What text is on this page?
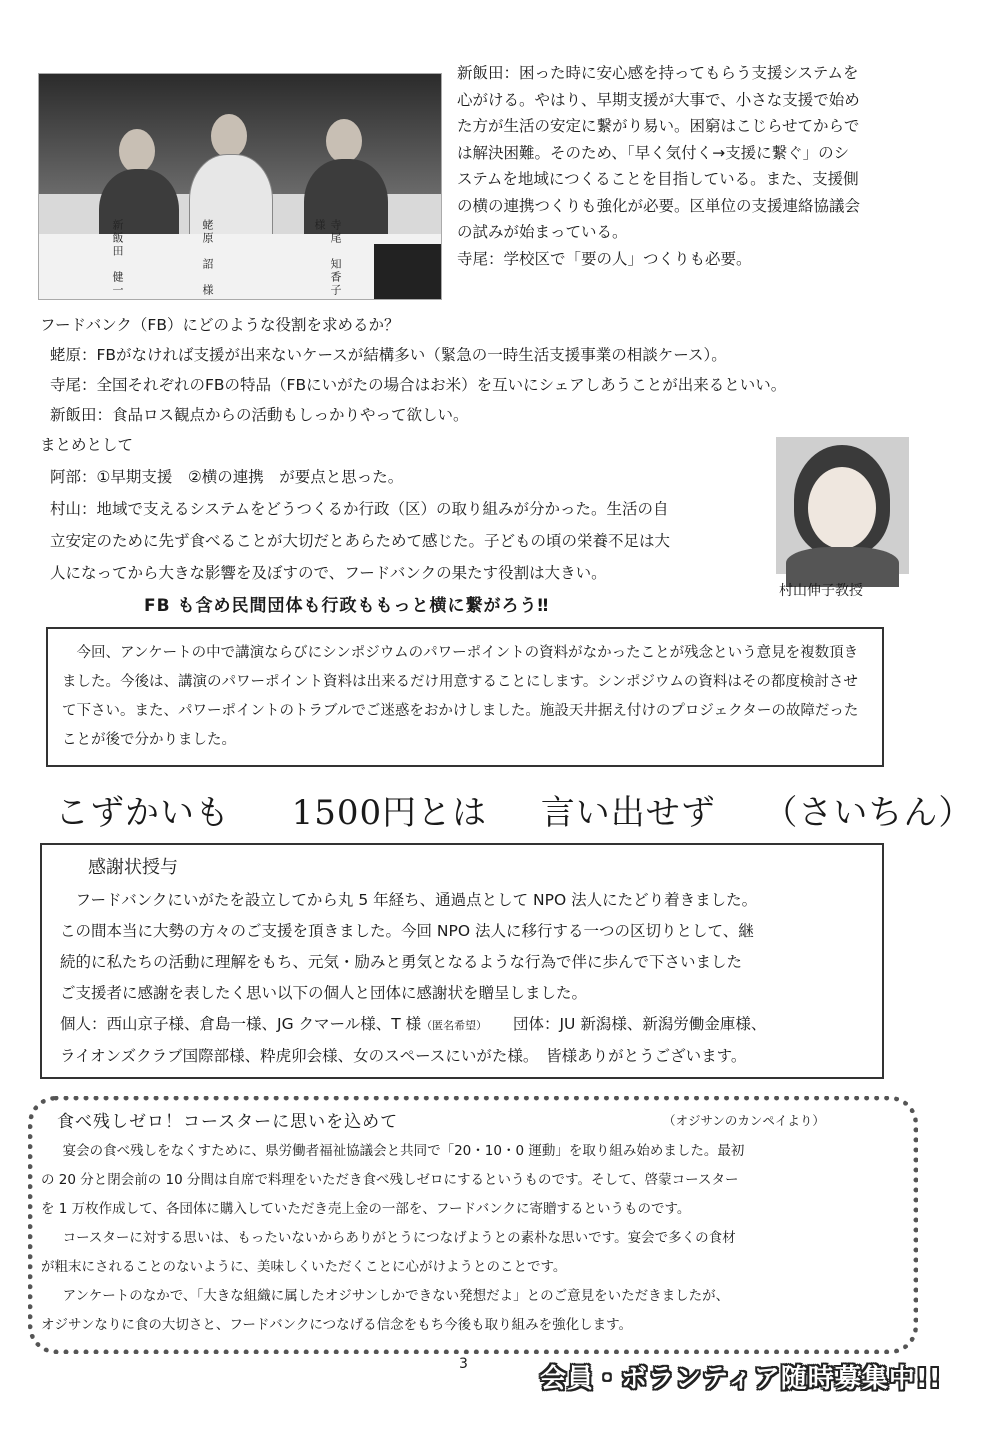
新飯田　健一	蛯原　詔　様	寺尾　知香子　様

新飯田：困った時に安心感を持ってもらう支援システムを

心がける。やはり、早期支援が大事で、小さな支援で始め

た方が生活の安定に繋がり易い。困窮はこじらせてからで

は解決困難。そのため、「早く気付く→支援に繋ぐ」のシ

ステムを地域につくることを目指している。また、支援側

の横の連携つくりも強化が必要。区単位の支援連絡協議会

の試みが始まっている。

寺尾：学校区で「要の人」つくりも必要。

フードバンク（FB）にどのような役割を求めるか？
蛯原：FBがなければ支援が出来ないケースが結構多い（緊急の一時生活支援事業の相談ケース）。
寺尾：全国それぞれのFBの特品（FBにいがたの場合はお米）を互いにシェアしあうことが出来るといい。
新飯田：食品ロス観点からの活動もしっかりやって欲しい。
まとめとして
阿部：①早期支援　②横の連携　が要点と思った。
村山：地域で支えるシステムをどうつくるか行政（区）の取り組みが分かった。生活の自
立安定のために先ず食べることが大切だとあらためて感じた。子どもの頃の栄養不足は大
人になってから大きな影響を及ぼすので、フードバンクの果たす役割は大きい。
村山伸子教授
FB も含め民間団体も行政ももっと横に繋がろう‼

今回、アンケートの中で講演ならびにシンポジウムのパワーポイントの資料がなかったことが残念という意見を複数頂きました。今後は、講演のパワーポイント資料は出来るだけ用意することにします。シンポジウムの資料はその都度検討させて下さい。また、パワーポイントのトラブルでご迷惑をおかけしました。施設天井据え付けのプロジェクターの故障だったことが後で分かりました。

こずかいも 1500円とは 言い出せず （さいちん）
感謝状授与
フードバンクにいがたを設立してから丸 5 年経ち、通過点として NPO 法人にたどり着きました。
この間本当に大勢の方々のご支援を頂きました。今回 NPO 法人に移行する一つの区切りとして、継
続的に私たちの活動に理解をもち、元気・励みと勇気となるような行為で伴に歩んで下さいました
ご支援者に感謝を表したく思い以下の個人と団体に感謝状を贈呈しました。
個人：西山京子様、倉島一様、JG クマール様、T 様（匿名希望） 団体：JU 新潟様、新潟労働金庫様、
ライオンズクラブ国際部様、粋虎卯会様、女のスペースにいがた様。　皆様ありがとうございます。
食べ残しゼロ！コースターに思いを込めて	（オジサンのカンペイより）
宴会の食べ残しをなくすために、県労働者福祉協議会と共同で「20・10・0 運動」を取り組み始めました。最初
の 20 分と閉会前の 10 分間は自席で料理をいただき食べ残しゼロにするというものです。そして、啓蒙コースター
を 1 万枚作成して、各団体に購入していただき売上金の一部を、フードバンクに寄贈するというものです。
コースターに対する思いは、もったいないからありがとうにつなげようとの素朴な思いです。宴会で多くの食材
が粗末にされることのないように、美味しくいただくことに心がけようとのことです。
アンケートのなかで、「大きな組織に属したオジサンしかできない発想だよ」とのご意見をいただきましたが、
オジサンなりに食の大切さと、フードバンクにつなげる信念をもち今後も取り組みを強化します。
3	会員・ボランティア随時募集中!!
